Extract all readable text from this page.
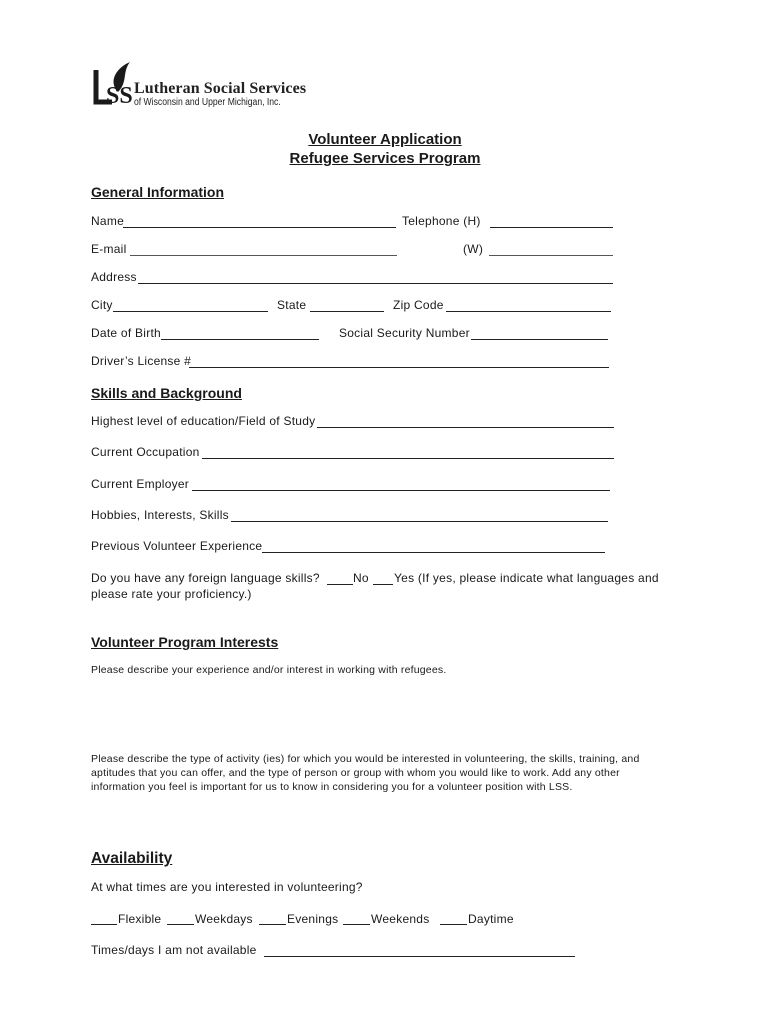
SS Lutheran Social Services
of Wisconsin and Upper Michigan, Inc.
Volunteer Application
Refugee Services Program
General Information
Name	Telephone (H)
E-mail	(W)
Address
City	State	Zip Code
Date of Birth	Social Security Number
Driver’s License #
Skills and Background
Highest level of education/Field of Study
Current Occupation
Current Employer
Hobbies, Interests, Skills
Previous Volunteer Experience
Do you have any foreign language skills?	No Yes (If yes, please indicate what languages and
please rate your proficiency.)
Volunteer Program Interests
Please describe your experience and/or interest in working with refugees.
Please describe the type of activity (ies) for which you would be interested in volunteering, the skills, training, and aptitudes that you can offer, and the type of person or group with whom you would like to work. Add any other information you feel is important for us to know in considering you for a volunteer position with LSS.
Availability
At what times are you interested in volunteering?
Flexible	Weekdays	Evenings	Weekends	Daytime
Times/days I am not available
